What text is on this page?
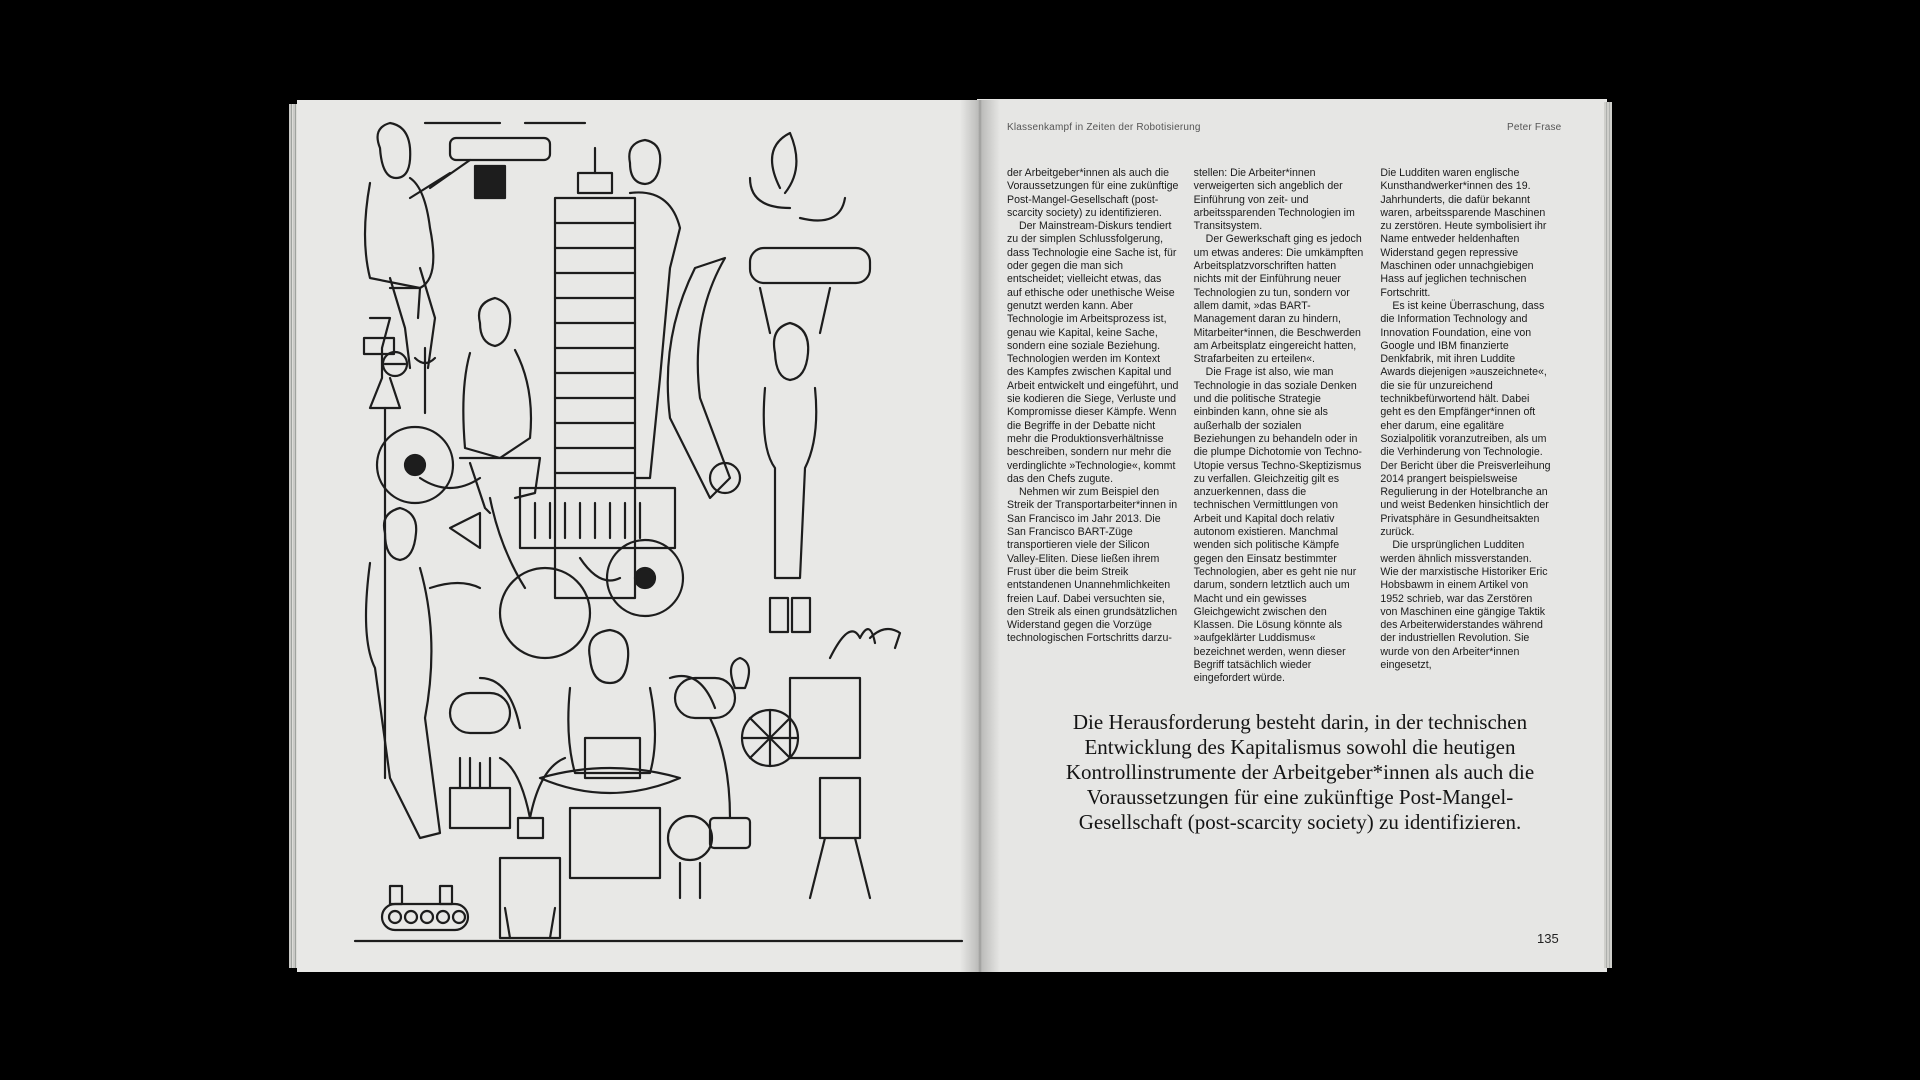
Klassenkampf in Zeiten der Robotisierung	Peter Frase

der Arbeitgeber*innen als auch die Voraussetzungen für eine zukünftige Post-Mangel-Gesellschaft (post-scarcity society) zu identifizieren.

Der Mainstream-Diskurs tendiert zu der simplen Schlussfolgerung, dass Technologie eine Sache ist, für oder gegen die man sich entscheidet; vielleicht etwas, das auf ethische oder unethische Weise genutzt werden kann. Aber Technologie im Arbeitsprozess ist, genau wie Kapital, keine Sache, sondern eine soziale Beziehung. Technologien werden im Kontext des Kampfes zwischen Kapital und Arbeit entwickelt und eingeführt, und sie kodieren die Siege, Verluste und Kompromisse dieser Kämpfe. Wenn die Begriffe in der Debatte nicht mehr die Produktionsverhältnisse beschreiben, sondern nur mehr die verdinglichte »Technologie«, kommt das den Chefs zugute.

Nehmen wir zum Beispiel den Streik der Transportarbeiter*innen in San Francisco im Jahr 2013. Die San Francisco BART-Züge transportieren viele der Silicon Valley-Eliten. Diese ließen ihrem Frust über die beim Streik entstandenen Unannehmlichkeiten freien Lauf. Dabei versuchten sie, den Streik als einen grundsätzlichen Widerstand gegen die Vorzüge technologischen Fortschritts darzu-

stellen: Die Arbeiter*innen verweigerten sich angeblich der Einführung von zeit- und arbeitssparenden Technologien im Transitsystem.

Der Gewerkschaft ging es jedoch um etwas anderes: Die umkämpften Arbeitsplatzvorschriften hatten nichts mit der Einführung neuer Technologien zu tun, sondern vor allem damit, »das BART-Management daran zu hindern, Mitarbeiter*innen, die Beschwerden am Arbeitsplatz eingereicht hatten, Strafarbeiten zu erteilen«.

Die Frage ist also, wie man Technologie in das soziale Denken und die politische Strategie einbinden kann, ohne sie als außerhalb der sozialen Beziehungen zu behandeln oder in die plumpe Dichotomie von Techno-Utopie versus Techno-Skeptizismus zu verfallen. Gleichzeitig gilt es anzuerkennen, dass die technischen Vermittlungen von Arbeit und Kapital doch relativ autonom existieren. Manchmal wenden sich politische Kämpfe gegen den Einsatz bestimmter Technologien, aber es geht nie nur darum, sondern letztlich auch um Macht und ein gewisses Gleichgewicht zwischen den Klassen. Die Lösung könnte als »aufgeklärter Luddismus« bezeichnet werden, wenn dieser Begriff tatsächlich wieder eingefordert würde.

Die Ludditen waren englische Kunsthandwerker*innen des 19. Jahrhunderts, die dafür bekannt waren, arbeitssparende Maschinen zu zerstören. Heute symbolisiert ihr Name entweder heldenhaften Widerstand gegen repressive Maschinen oder unnachgiebigen Hass auf jeglichen technischen Fortschritt.

Es ist keine Überraschung, dass die Information Technology and Innovation Foundation, eine von Google und IBM finanzierte Denkfabrik, mit ihren Luddite Awards diejenigen »auszeichnete«, die sie für unzureichend technikbefürwortend hält. Dabei geht es den Empfänger*innen oft eher darum, eine egalitäre Sozialpolitik voranzutreiben, als um die Verhinderung von Technologie. Der Bericht über die Preisverleihung 2014 prangert beispielsweise Regulierung in der Hotelbranche an und weist Bedenken hinsichtlich der Privatsphäre in Gesundheitsakten zurück.

Die ursprünglichen Ludditen werden ähnlich missverstanden. Wie der marxistische Historiker Eric Hobsbawm in einem Artikel von 1952 schrieb, war das Zerstören von Maschinen eine gängige Taktik des Arbeiterwiderstandes während der industriellen Revolution. Sie wurde von den Arbeiter*innen eingesetzt,

Die Herausforderung besteht darin, in der technischen Entwicklung des Kapitalismus sowohl die heutigen Kontrollinstrumente der Arbeitgeber*innen als auch die Voraussetzungen für eine zukünftige Post-Mangel-Gesellschaft (post-scarcity society) zu identifizieren.
135
